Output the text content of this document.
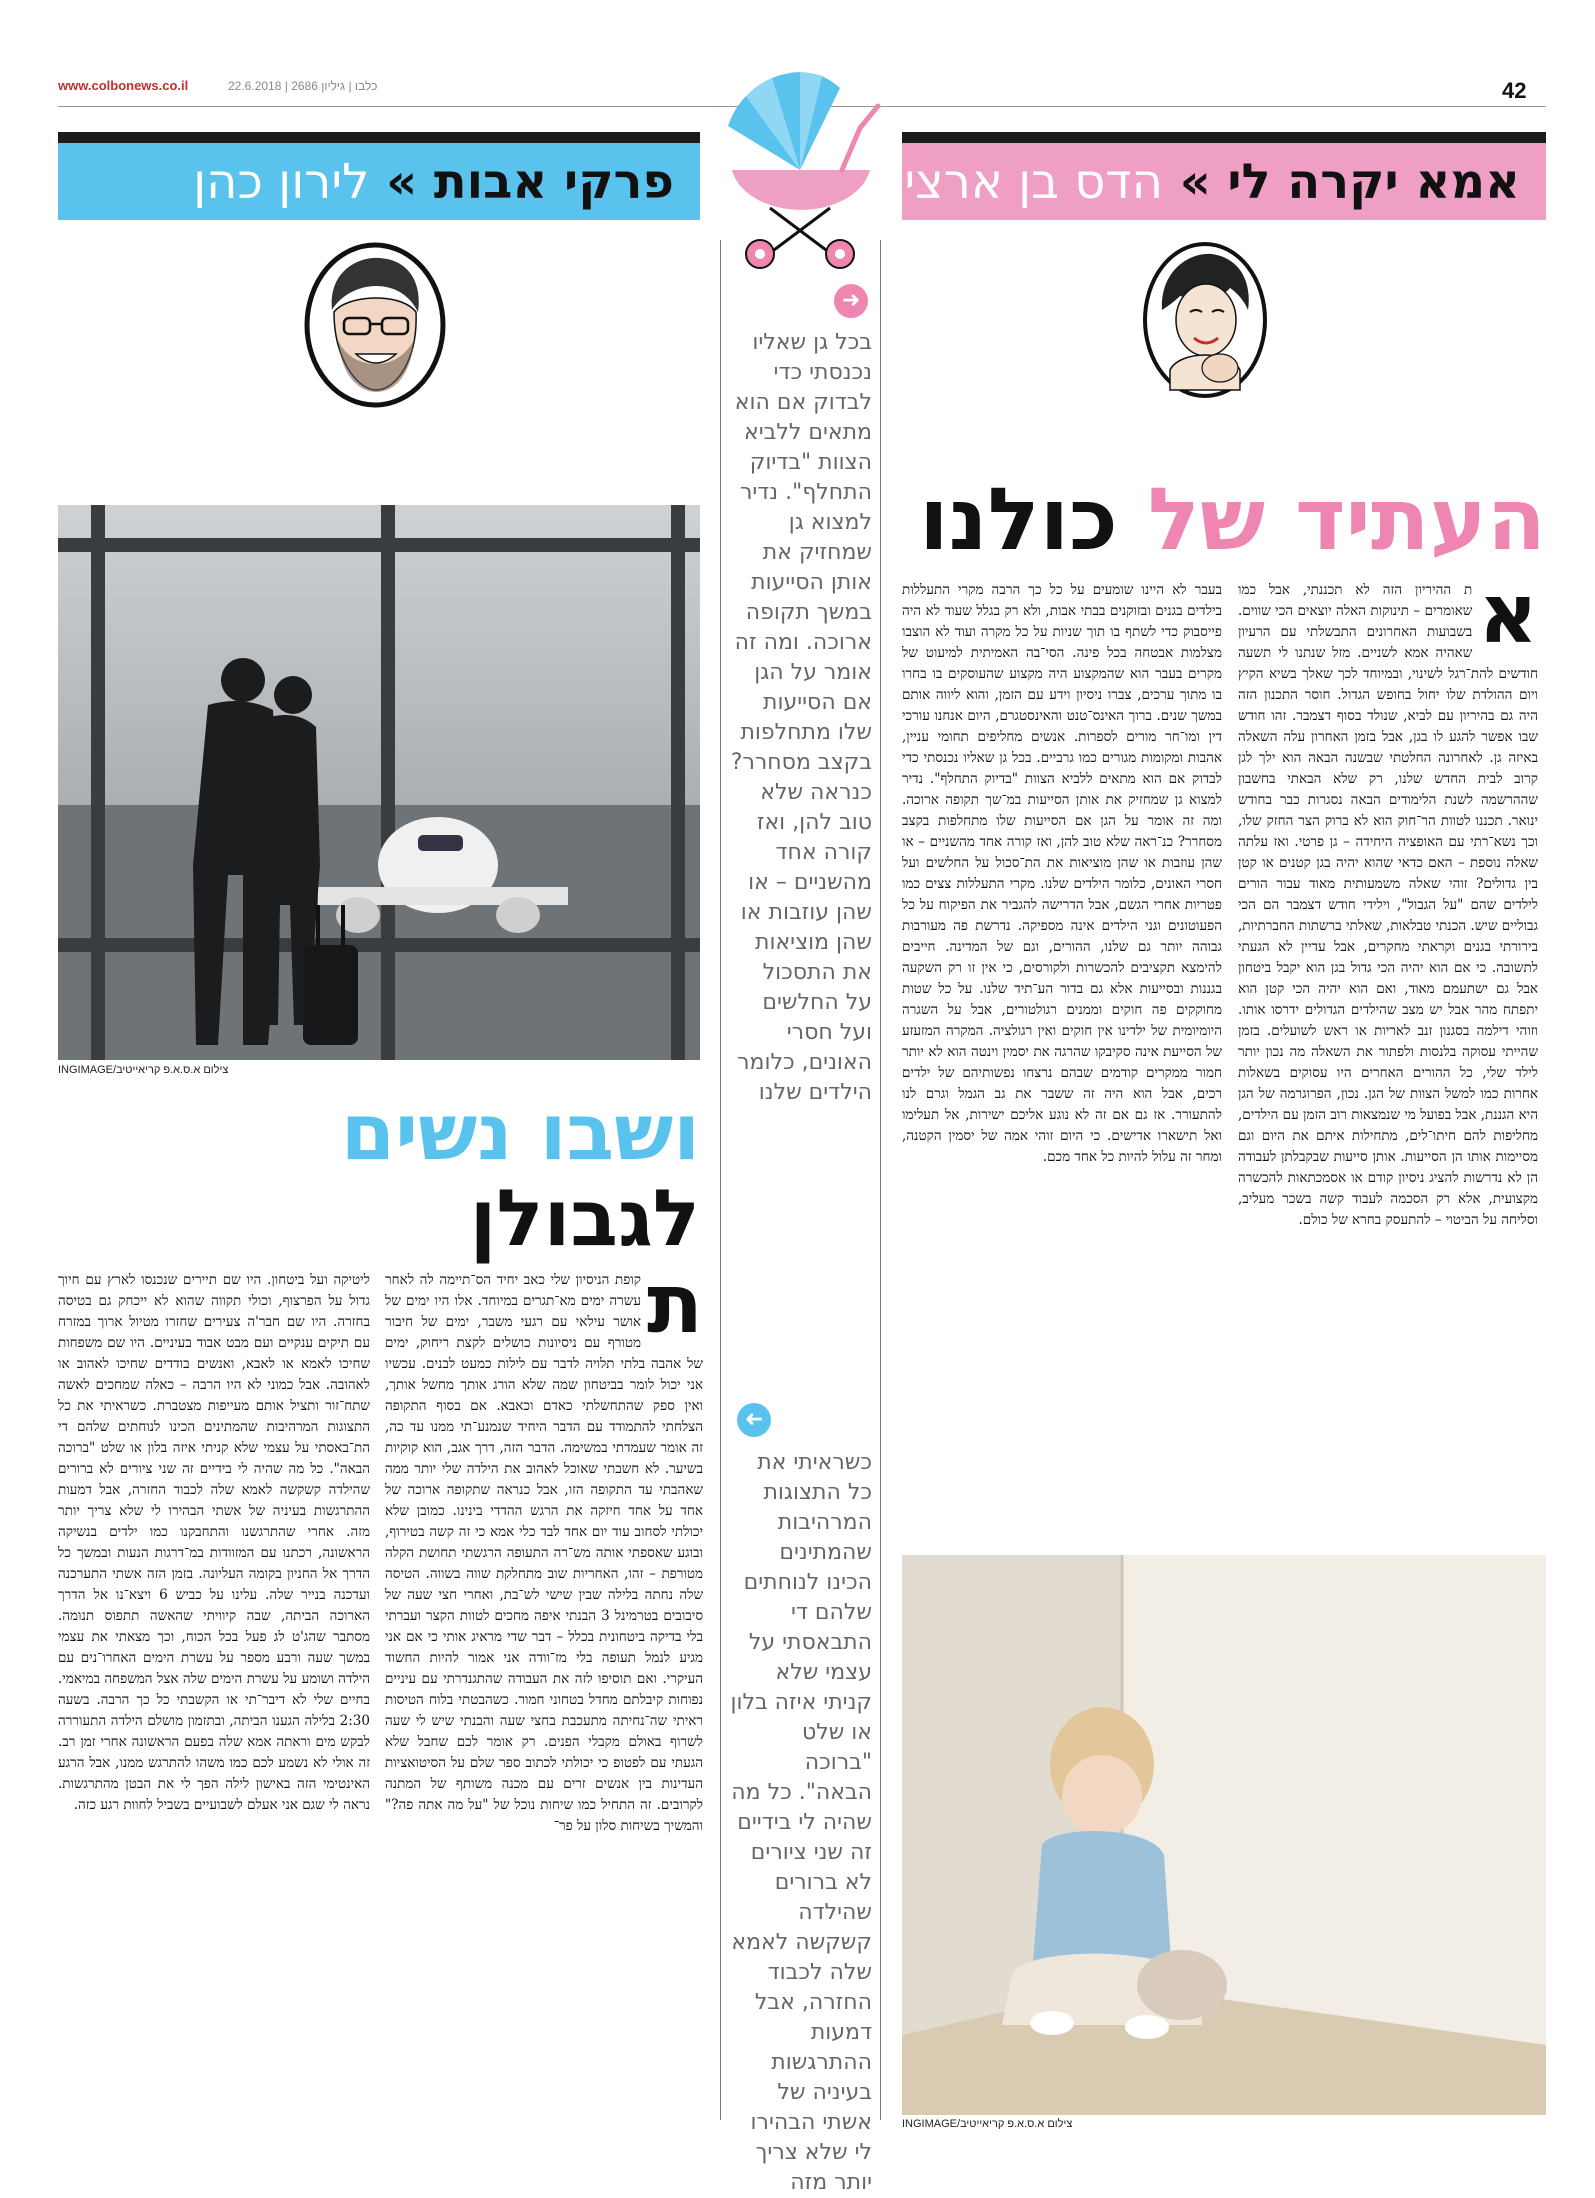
www.colbonews.co.il	כלבו | גיליון 2686 | 22.6.2018	42
אמא יקרה לי » הדס בן ארצי
פרקי אבות » לירון כהן
העתיד של כולנו
א
ת ההיריון הזה לא תכננתי, אבל כמו שאומרים – תינוקות האלה יוצאים הכי שווים. בשבועות האחרונים התבשלתי עם הרעיון שאהיה אמא לשניים. מזל שנתנו לי תשעה חודשים להת־רגל לשינוי, ובמיוחד לכך שאלך בשיא הקיץ ויום ההולדת שלו יחול בחופש הגדול. חוסר התכנון הזה היה גם בהיריון עם לביא, שנולד בסוף דצמבר. זהו חודש שבו אפשר להגע לו בגן, אבל בזמן האחרון עלה השאלה באיזה גן. לאחרונה החלטתי שבשנה הבאה הוא ילך לגן קרוב לבית החדש שלנו, רק שלא הבאתי בחשבון שההרשמה לשנת הלימודים הבאה נסגרות כבר בחודש ינואר. תכננו לטוות הר־חוק הוא לא ברוק הצר החזק שלו, וכך נשא־רתי עם האופציה היחידה – גן פרטי. ואז עלתה שאלה נוספת – האם כדאי שהוא יהיה בגן קטנים או קטן בין גדולים? זוהי שאלה משמעותית מאוד עבור הורים לילדים שהם "על הגבול", וילידי חודש דצמבר הם הכי גבוליים שיש. הכנתי טבלאות, שאלתי ברשתות החברתיות, בירורתי בגנים וקראתי מחקרים, אבל עדיין לא הגעתי לתשובה. כי אם הוא יהיה הכי גדול בגן הוא יקבל ביטחון אבל גם ישתעמם מאוד, ואם הוא יהיה הכי קטן הוא יתפתח מהר אבל יש מצב שהילדים הגדולים ידרסו אותו. וזוהי דילמה בסגנון זנב לאריות או ראש לשועלים. בזמן שהייתי עסוקה בלנסות ולפתור את השאלה מה נכון יותר לילד שלי, כל ההורים האחרים היו עסוקים בשאלות אחרות כמו למשל הצוות של הגן. נכון, הפרוגרמה של הגן היא הגננת, אבל בפועל מי שנמצאות רוב הזמן עם הילדים, מחליפות להם חיתו־לים, מתחילות איתם את היום וגם מסיימות אותו הן הסייעות. אותן סייעות שבקבלתן לעבודה הן לא נדרשות להציג ניסיון קודם או אסמכתאות להכשרה מקצועית, אלא רק הסכמה לעבוד קשה בשכר מעליב, וסליחה על הביטוי – להתעסק בחרא של כולם.
בעבר לא היינו שומעים על כל כך הרבה מקרי התעללות בילדים בגנים ובזוקנים בבתי אבות, ולא רק בגלל שעוד לא היה פייסבוק כדי לשתף בו תוך שניות על כל מקרה ועוד לא הוצבו מצלמות אבטחה בכל פינה. הסי־בה האמיתית למיעוט של מקרים בעבר הוא שהמקצוע היה מקצוע שהעוסקים בו בחרו בו מתוך ערכים, צברו ניסיון וידע עם הזמן, והוא ליווה אותם במשך שנים. ברוך האינס־טנט והאינסטגרם, היום אנחנו עורכי דין ומו־חר מורים לספרות. אנשים מחליפים תחומי עניין, אהבות ומקומות מגורים כמו גרביים. בכל גן שאליו נכנסתי כדי לבדוק אם הוא מתאים ללביא הצוות "בדיוק התחלף". נדיר למצוא גן שמחזיק את אותן הסייעות במ־שך תקופה ארוכה. ומה זה אומר על הגן אם הסייעות שלו מתחלפות בקצב מסחרר? כנ־ראה שלא טוב להן, ואז קורה אחד מהשניים – או שהן עוזבות או שהן מוציאות את הת־סכול על החלשים ועל חסרי האונים, כלומר הילדים שלנו. מקרי התעללות צצים כמו פטריות אחרי הגשם, אבל הדרישה להגביר את הפיקוח על כל הפעוטונים וגני הילדים אינה מספיקה. נדרשת פה מעורבות גבוהה יותר גם שלנו, ההורים, וגם של המדינה. חייבים להימצא תקציבים להכשרות ולקורסים, כי אין זו רק השקעה בגננות ובסייעות אלא גם בדור הע־תיד שלנו. על כל שטות מחוקקים פה חוקים וממנים רגולטורים, אבל על השגרה היומיומית של ילדינו אין חוקים ואין רגולציה. המקרה המזעזע של הסייעת אינה סקיבקו שהרגה את יסמין וינטה הוא לא יותר חמור ממקרים קודמים שבהם נרצחו נפשותיהם של ילדים רכים, אבל הוא היה זה ששבר את גב הגמל וגרם לנו להתעורר. אז גם אם זה לא נוגע אליכם ישירות, אל תעלימו ואל תישארו אדישים. כי היום זוהי אמה של יסמין הקטנה, ומחר זה עלול להיות כל אחד מכם.
➜
בכל גן שאליו נכנסתי כדי לבדוק אם הוא מתאים ללביא הצוות "בדיוק התחלף". נדיר למצוא גן שמחזיק את אותן הסייעות במשך תקופה ארוכה. ומה זה אומר על הגן אם הסייעות שלו מתחלפות בקצב מסחרר? כנראה שלא טוב להן, ואז קורה אחד מהשניים – או שהן עוזבות או שהן מוציאות את התסכול על החלשים ועל חסרי האונים, כלומר הילדים שלנו
➜
כשראיתי את כל התצוגות המרהיבות שהמתינים הכינו לנוחתים שלהם די התבאסתי על עצמי שלא קניתי איזה בלון או שלט "ברוכה הבאה". כל מה שהיה לי בידיים זה שני ציורים לא ברורים שהילדה קשקשה לאמא שלה לכבוד החזרה, אבל דמעות ההתרגשות בעיניה של אשתי הבהירו לי שלא צריך יותר מזה
צילום א.ס.א.פ קריאייטיב/INGIMAGE
ושבו נשים
לגבולן
ת
קופת הניסיון שלי כאב יחיד הס־תיימה לה לאחר עשרה ימים מא־תגרים במיוחד. אלו היו ימים של אושר עילאי עם רגעי משבר, ימים של חיבור מטורף עם ניסיונות כושלים לקצת ריחוק, ימים של אהבה בלתי תלויה לדבר עם לילות כמעט לבנים. עכשיו אני יכול לומר בביטחון שמה שלא הורג אותך מחשל אותך, ואין ספק שהתחשלתי כאדם וכאבא. אם בסוף התקופה הצלחתי להתמודד עם הדבר היחיד שנמנע־תי ממנו עד כה, זה אומר שעמדתי במשימה. הדבר הזה, דרך אגב, הוא קוקיות בשיער. לא חשבתי שאוכל לאהוב את הילדה שלי יותר ממה שאהבתי עד התקופה הזו, אבל כנראה שתקופה ארוכה של אחד על אחד חיזקה את הרגש ההדדי בינינו. כמובן שלא יכולתי לסחוב עוד יום אחד לבד כלי אמא כי זה קשה בטירוף, ובוגע שאספתי אותה מש־רה התעופה הרגשתי תחושת הקלה מטורפת – זהו, האחריות שוב מתחלקת שווה בשווה. הטיסה שלה נחתה בלילה שבין שישי לש־בת, ואחרי חצי שעה של סיבובים בטרמינל 3 הבנתי איפה מחכים לטוות הקצר ועברתי בלי בדיקה ביטחונית בכלל – דבר שדי מראיג אותי כי אם אני מגיע לנמל תעופה בלי מז־וודה אני אמור להיות החשוד העיקרי. ואם תוסיפו לזה את העבודה שהתגנדרתי עם עיניים נפוחות קיבלתם מחדל בטחוני חמור. כשהבטתי בלוח הטיסות ראיתי שה־נחיתה מתעכבת בחצי שעה והבנתי שיש לי שעה לשרוף באולם מקבלי הפנים. רק אומר לכם שחבל שלא הגעתי עם לפטופ כי יכולתי לכתוב ספר שלם על הסיטואציות העדינות בין אנשים זרים עם מכנה משותף של המתנה לקרובים. זה התחיל כמו שיחות נוכל של "על מה אתה פה?" והמשיך בשיחות סלון על פר־
ליטיקה ועל ביטחון. היו שם תיירים שנכנסו לארץ עם חיוך גדול על הפרצוף, וכולי תקווה שהוא לא ייכחק גם בטיסה בחזרה. היו שם חבר'ה צעירים שחזרו מטיול ארוך במזרח עם תיקים ענקיים ועם מבט אבוד בעיניים. היו שם משפחות שחיכו לאמא או לאבא, ואנשים בודדים שחיכו לאהוב או לאהובה. אבל כמוני לא היו הרבה – כאלה שמחכים לאשה שתח־זור ותציל אותם מעייפות מצטברת. כשראיתי את כל התצוגות המרהיבות שהמתינים הכינו לנוחתים שלהם די הת־באסתי על עצמי שלא קניתי איזה בלון או שלט "ברוכה הבאה". כל מה שהיה לי בידיים זה שני ציורים לא ברורים שהילדה קשקשה לאמא שלה לכבוד החזרה, אבל דמעות ההתרגשות בעיניה של אשתי הבהירו לי שלא צריך יותר מזה. אחרי שהתרגשנו והתחבקנו כמו ילדים בנשיקה הראשונה, רכתנו עם המזוודות במ־דרגות הנעות ובמשך כל הדרך אל החניון בקומה העליונה. בזמן הזה אשתי התערכנה ועדכנה בנייר שלה. עלינו על כביש 6 ויצא־נו אל הדרך הארוכה הביתה, שבה קיוויתי שהאשה תתפוס תנומה. מסתבר שהג'ט לג פעל בכל הכוח, וכך מצאתי את עצמי במשך שעה ורבע מספר על עשרת הימים האחרו־נים עם הילדה ושומע על עשרת הימים שלה אצל המשפחה במיאמי. בחיים שלי לא דיבר־תי או הקשבתי כל כך הרבה. בשעה 2:30 בלילה הגענו הביתה, ובתזמון מושלם הילדה התעוררה לבקש מים וראתה אמא שלה בפעם הראשונה אחרי זמן רב. זה אולי לא נשמע לכם כמו משהו להתרגש ממנו, אבל הרגע האינטימי הזה באישון לילה הפך לי את הבטן מהתרגשות. נראה לי שגם אני אעלם לשבועיים בשביל לחוות רגע כזה.
צילום א.ס.א.פ קריאייטיב/INGIMAGE
